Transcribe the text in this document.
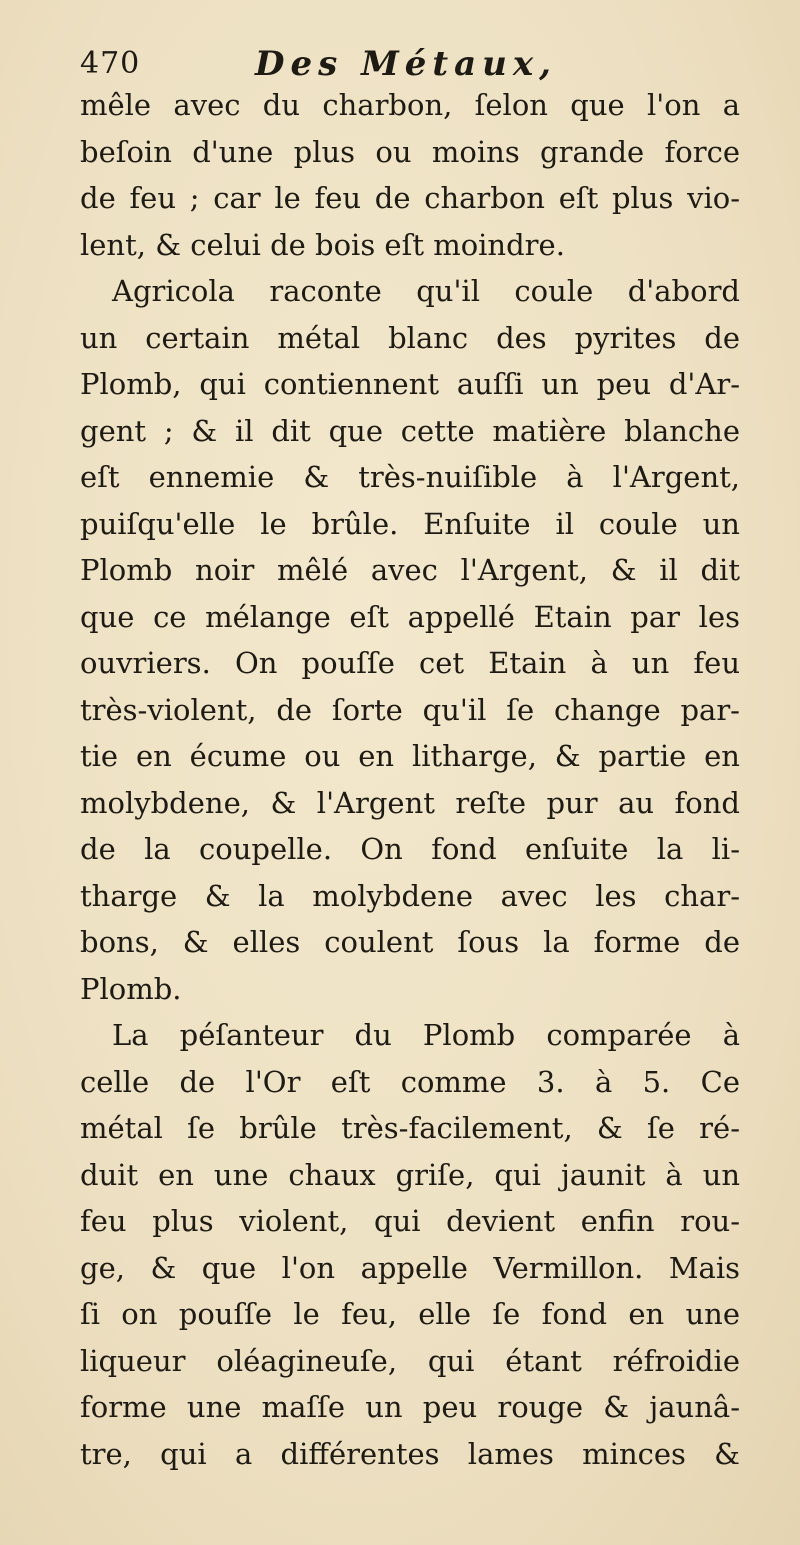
470	Des Métaux,
mêle avec du charbon, ſelon que l'on a
beſoin d'une plus ou moins grande force
de feu ; car le feu de charbon eſt plus vio-
lent, & celui de bois eſt moindre.
Agricola raconte qu'il coule d'abord
un certain métal blanc des pyrites de
Plomb, qui contiennent auſſi un peu d'Ar-
gent ; & il dit que cette matière blanche
eſt ennemie & très-nuiſible à l'Argent,
puiſqu'elle le brûle. Enſuite il coule un
Plomb noir mêlé avec l'Argent, & il dit
que ce mélange eſt appellé Etain par les
ouvriers. On pouſſe cet Etain à un feu
très-violent, de ſorte qu'il ſe change par-
tie en écume ou en litharge, & partie en
molybdene, & l'Argent reſte pur au fond
de la coupelle. On fond enſuite la li-
tharge & la molybdene avec les char-
bons, & elles coulent ſous la forme de
Plomb.
La péſanteur du Plomb comparée à
celle de l'Or eſt comme 3. à 5. Ce
métal ſe brûle très-facilement, & ſe ré-
duit en une chaux griſe, qui jaunit à un
feu plus violent, qui devient enfin rou-
ge, & que l'on appelle Vermillon. Mais
ſi on pouſſe le feu, elle ſe fond en une
liqueur oléagineuſe, qui étant réfroidie
forme une maſſe un peu rouge & jaunâ-
tre, qui a différentes lames minces &
